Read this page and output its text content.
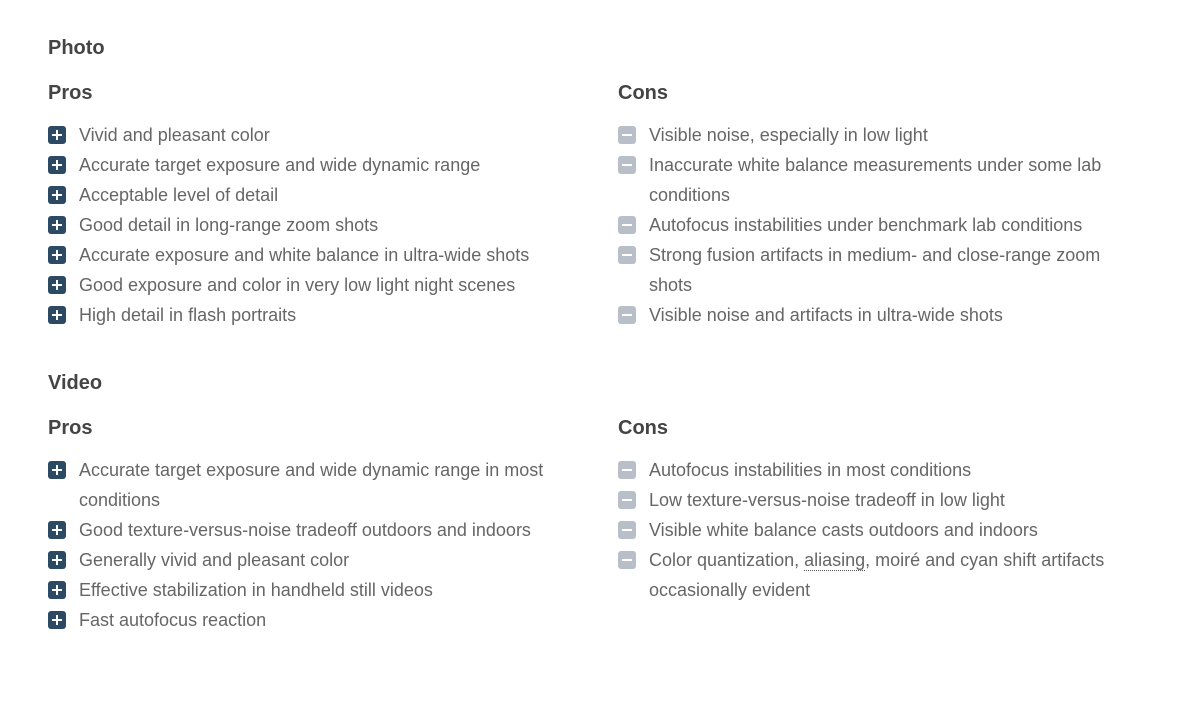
Photo
Pros
Vivid and pleasant color
Accurate target exposure and wide dynamic range
Acceptable level of detail
Good detail in long-range zoom shots
Accurate exposure and white balance in ultra-wide shots
Good exposure and color in very low light night scenes
High detail in flash portraits
Cons
Visible noise, especially in low light
Inaccurate white balance measurements under some lab conditions
Autofocus instabilities under benchmark lab conditions
Strong fusion artifacts in medium- and close-range zoom shots
Visible noise and artifacts in ultra-wide shots
Video
Pros
Accurate target exposure and wide dynamic range in most conditions
Good texture-versus-noise tradeoff outdoors and indoors
Generally vivid and pleasant color
Effective stabilization in handheld still videos
Fast autofocus reaction
Cons
Autofocus instabilities in most conditions
Low texture-versus-noise tradeoff in low light
Visible white balance casts outdoors and indoors
Color quantization, aliasing, moiré and cyan shift artifacts occasionally evident
